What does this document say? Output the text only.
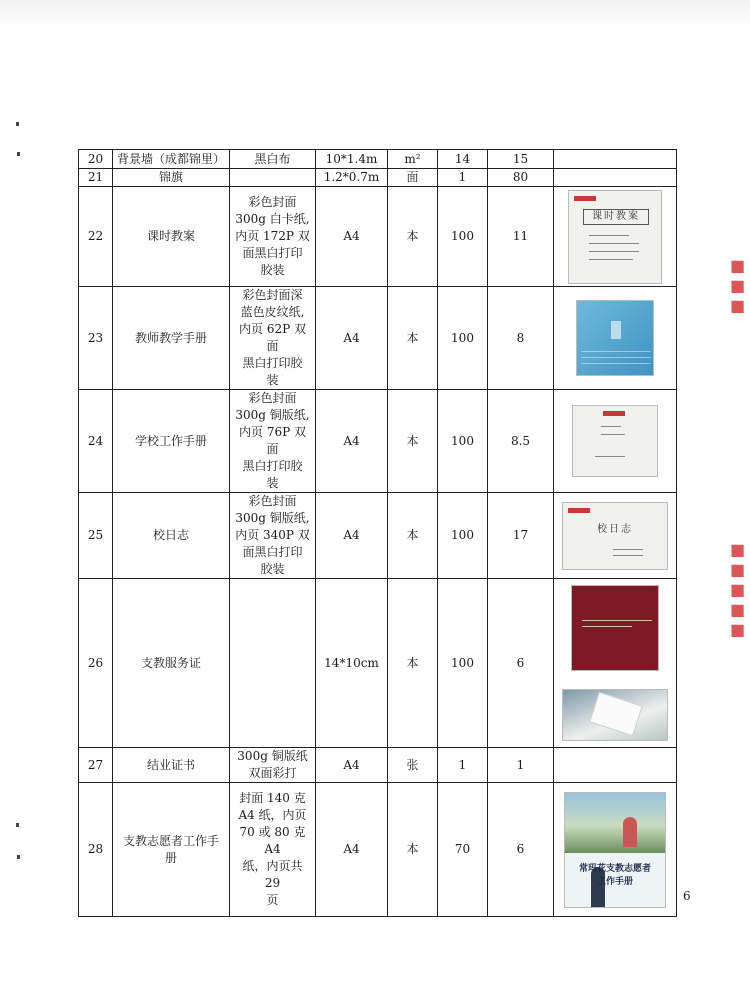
20	背景墙（成都锦里）	黑白布	10*1.4m	m²	14	15	
21	锦旗		1.2*0.7m	面	1	80	
22	课时教案	彩色封面
300g 白卡纸,
内页 172P 双
面黑白打印
胶装	A4	本	100	11	课时教案

23	教师教学手册	彩色封面深
蓝色皮纹纸,
内页 62P 双面
黑白打印胶
装	A4	本	100	8	

24	学校工作手册	彩色封面
300g 铜版纸,
内页 76P 双面
黑白打印胶
装	A4	本	100	8.5	

25	校日志	彩色封面
300g 铜版纸,
内页 340P 双
面黑白打印
胶装	A4	本	100	17	校日志

26	支教服务证		14*10cm	本	100	6	

27	结业证书	300g 铜版纸
双面彩打	A4	张	1	1	
28	支教志愿者工作手
册	封面 140 克
A4 纸，内页
70 或 80 克 A4
纸，内页共 29
页	A4	本	70	6	常玛花支教志愿者
工作手册
6
■■■
■■■■■
